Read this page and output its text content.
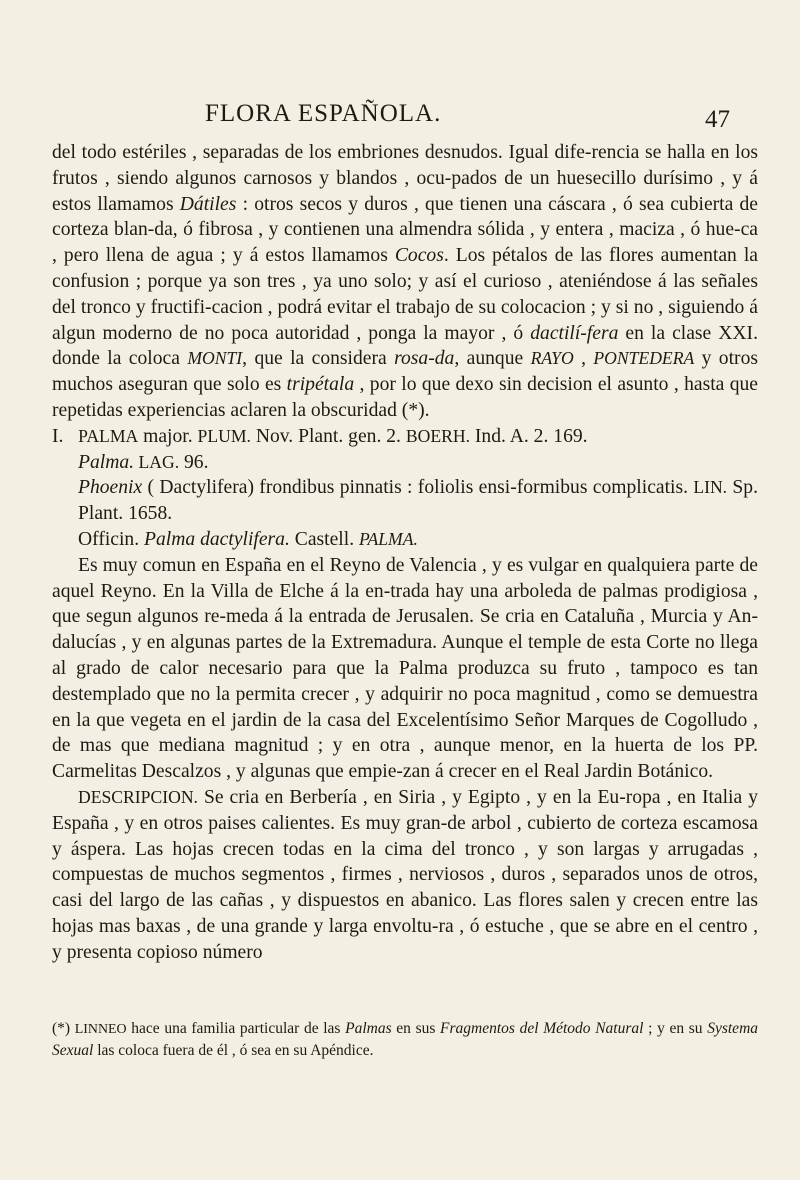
FLORA ESPAÑOLA.	47

del todo estériles , separadas de los embriones desnudos. Igual dife-rencia se halla en los frutos , siendo algunos carnosos y blandos , ocu-pados de un huesecillo durísimo , y á estos llamamos Dátiles : otros secos y duros , que tienen una cáscara , ó sea cubierta de corteza blan-da, ó fibrosa , y contienen una almendra sólida , y entera , maciza , ó hue-ca , pero llena de agua ; y á estos llamamos Cocos. Los pétalos de las flores aumentan la confusion ; porque ya son tres , ya uno solo; y así el curioso , ateniéndose á las señales del tronco y fructifi-cacion , podrá evitar el trabajo de su colocacion ; y si no , siguiendo á algun moderno de no poca autoridad , ponga la mayor , ó dactilí-fera en la clase XXI. donde la coloca MONTI, que la considera rosa-da, aunque RAYO , PONTEDERA y otros muchos aseguran que solo es tripétala , por lo que dexo sin decision el asunto , hasta que repetidas experiencias aclaren la obscuridad (*).

I. PALMA major. PLUM. Nov. Plant. gen. 2. BOERH. Ind. A. 2. 169.

Palma. LAG. 96.

Phoenix ( Dactylifera) frondibus pinnatis : foliolis ensi-formibus complicatis. LIN. Sp. Plant. 1658.

Officin. Palma dactylifera. Castell. PALMA.

Es muy comun en España en el Reyno de Valencia , y es vulgar en qualquiera parte de aquel Reyno. En la Villa de Elche á la en-trada hay una arboleda de palmas prodigiosa , que segun algunos re-meda á la entrada de Jerusalen. Se cria en Cataluña , Murcia y An-dalucías , y en algunas partes de la Extremadura. Aunque el temple de esta Corte no llega al grado de calor necesario para que la Palma produzca su fruto , tampoco es tan destemplado que no la permita crecer , y adquirir no poca magnitud , como se demuestra en la que vegeta en el jardin de la casa del Excelentísimo Señor Marques de Cogolludo , de mas que mediana magnitud ; y en otra , aunque menor, en la huerta de los PP. Carmelitas Descalzos , y algunas que empie-zan á crecer en el Real Jardin Botánico.

DESCRIPCION. Se cria en Berbería , en Siria , y Egipto , y en la Eu-ropa , en Italia y España , y en otros paises calientes. Es muy gran-de arbol , cubierto de corteza escamosa y áspera. Las hojas crecen todas en la cima del tronco , y son largas y arrugadas , compuestas de muchos segmentos , firmes , nerviosos , duros , separados unos de otros, casi del largo de las cañas , y dispuestos en abanico. Las flores salen y crecen entre las hojas mas baxas , de una grande y larga envoltu-ra , ó estuche , que se abre en el centro , y presenta copioso número

(*) LINNEO hace una familia particular de las Palmas en sus Fragmentos del Método Natural ; y en su Systema Sexual las coloca fuera de él , ó sea en su Apéndice.
